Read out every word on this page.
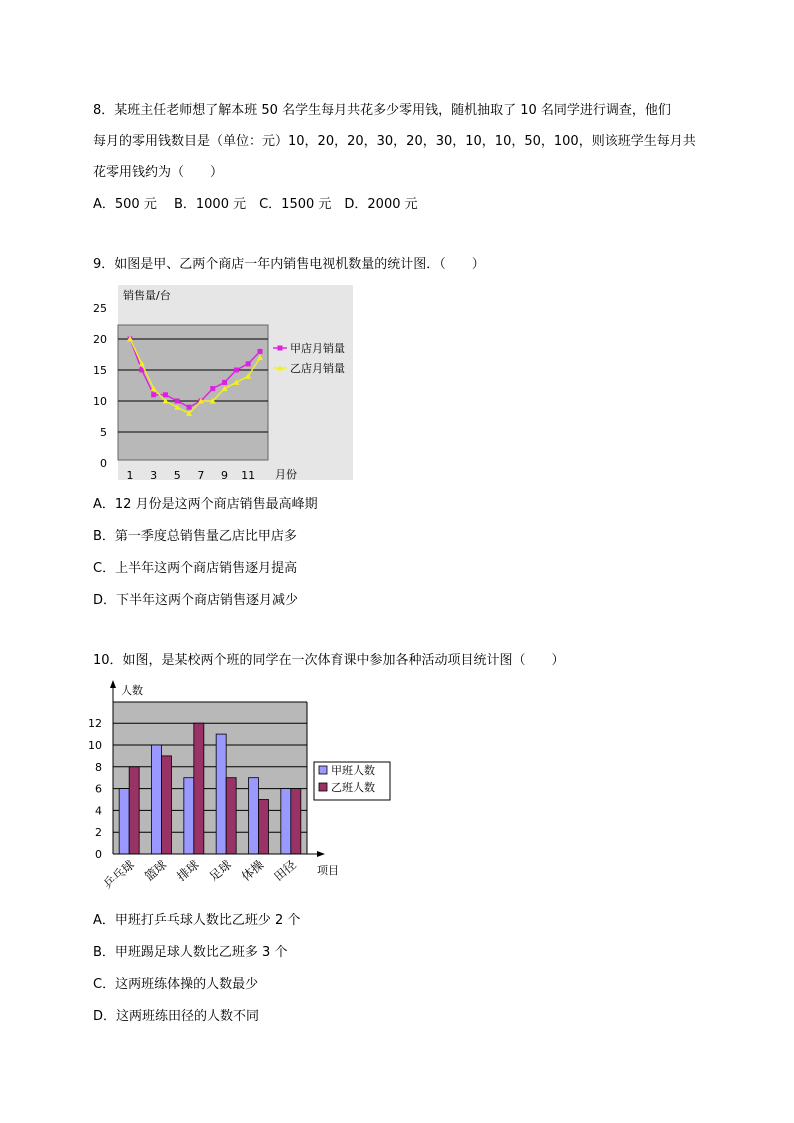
8．某班主任老师想了解本班 50 名学生每月共花多少零用钱，随机抽取了 10 名同学进行调查，他们
每月的零用钱数目是（单位：元）10，20，20，30，20，30，10，10，50，100，则该班学生每月共
花零用钱约为（　　）
A．500 元　 B．1000 元　C．1500 元　D．2000 元
9．如图是甲、乙两个商店一年内销售电视机数量的统计图．（　　）
0
5
10
15
20
25
1 3 5 7 9 11
甲店月销量
乙店月销量
销售量/台
月份
A．12 月份是这两个商店销售最高峰期
B．第一季度总销售量乙店比甲店多
C．上半年这两个商店销售逐月提高
D．下半年这两个商店销售逐月减少
10．如图，是某校两个班的同学在一次体育课中参加各种活动项目统计图（　　）
0
2
4
6
8
10
12
乒乓球 篮球 排球 足球 体操 田径
甲班人数
乙班人数
人数
项目
A．甲班打乒乓球人数比乙班少 2 个
B．甲班踢足球人数比乙班多 3 个
C．这两班练体操的人数最少
D．这两班练田径的人数不同
